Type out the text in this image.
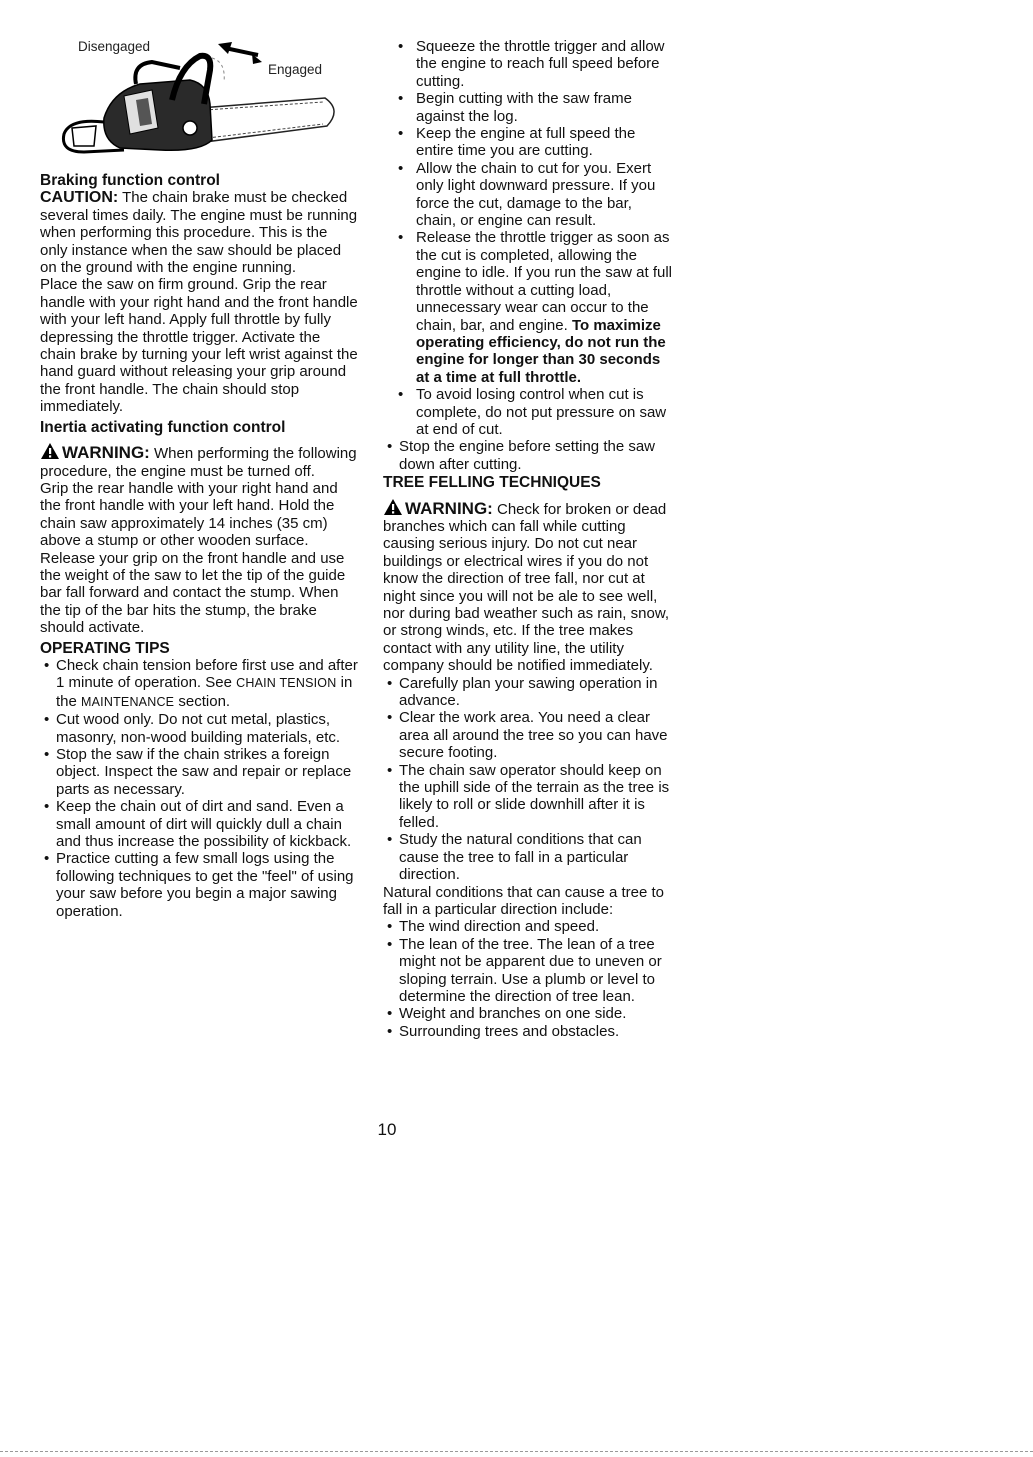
Disengaged
Engaged

Braking function control

CAUTION: The chain brake must be checked several times daily. The engine must be running when performing this procedure. This is the only instance when the saw should be placed on the ground with the engine running.

Place the saw on firm ground. Grip the rear handle with your right hand and the front handle with your left hand. Apply full throttle by fully depressing the throttle trigger. Activate the chain brake by turning your left wrist against the hand guard without releasing your grip around the front handle. The chain should stop immediately.

Inertia activating function control

WARNING: When performing the following procedure, the engine must be turned off.

Grip the rear handle with your right hand and the front handle with your left hand. Hold the chain saw approximately 14 inches (35 cm) above a stump or other wooden surface. Release your grip on the front handle and use the weight of the saw to let the tip of the guide bar fall forward and contact the stump. When the tip of the bar hits the stump, the brake should activate.

OPERATING TIPS

• Check chain tension before first use and after 1 minute of operation. See CHAIN TENSION in the MAINTENANCE section.
• Cut wood only. Do not cut metal, plastics, masonry, non-wood building materials, etc.
• Stop the saw if the chain strikes a foreign object. Inspect the saw and repair or replace parts as necessary.
• Keep the chain out of dirt and sand. Even a small amount of dirt will quickly dull a chain and thus increase the possibility of kickback.
• Practice cutting a few small logs using the following techniques to get the "feel" of using your saw before you begin a major sawing operation.
• Squeeze the throttle trigger and allow the engine to reach full speed before cutting.
• Begin cutting with the saw frame against the log.
• Keep the engine at full speed the entire time you are cutting.
• Allow the chain to cut for you. Exert only light downward pressure. If you force the cut, damage to the bar, chain, or engine can result.
• Release the throttle trigger as soon as the cut is completed, allowing the engine to idle. If you run the saw at full throttle without a cutting load, unnecessary wear can occur to the chain, bar, and engine. To maximize operating efficiency, do not run the engine for longer than 30 seconds at a time at full throttle.
• To avoid losing control when cut is complete, do not put pressure on saw at end of cut.
• Stop the engine before setting the saw down after cutting.

TREE FELLING TECHNIQUES

WARNING: Check for broken or dead branches which can fall while cutting causing serious injury. Do not cut near buildings or electrical wires if you do not know the direction of tree fall, nor cut at night since you will not be ale to see well, nor during bad weather such as rain, snow, or strong winds, etc. If the tree makes contact with any utility line, the utility company should be notified immediately.

• Carefully plan your sawing operation in advance.
• Clear the work area. You need a clear area all around the tree so you can have secure footing.
• The chain saw operator should keep on the uphill side of the terrain as the tree is likely to roll or slide downhill after it is felled.
• Study the natural conditions that can cause the tree to fall in a particular direction.

Natural conditions that can cause a tree to fall in a particular direction include:

• The wind direction and speed.
• The lean of the tree. The lean of a tree might not be apparent due to uneven or sloping terrain. Use a plumb or level to determine the direction of tree lean.
• Weight and branches on one side.
• Surrounding trees and obstacles.
10
